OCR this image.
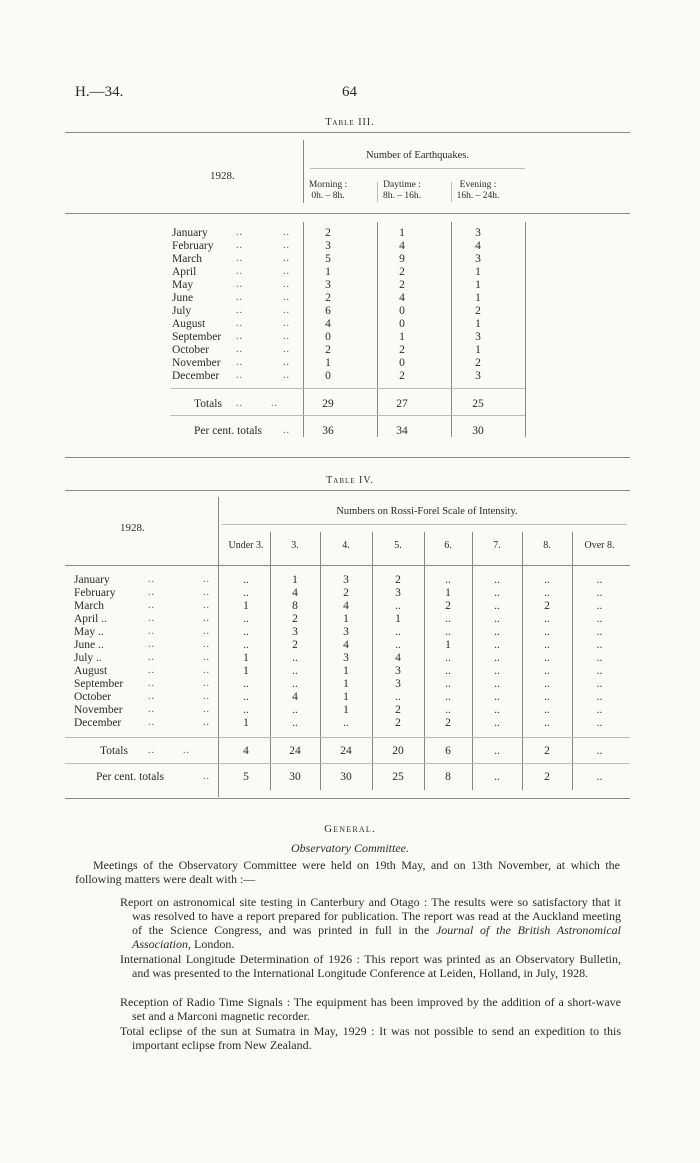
H.—34.	64
Table III.
1928.
Number of Earthquakes.
Morning :
0h. – 8h.
Daytime :
8h. – 16h.
Evening :
16h. – 24h.
January	..	..	2	1	3
February ..	..	3	4	4
March	..	..	5	9	3
April	..	..	1	2	1
May	..	..	3	2	1
June	..	..	2	4	1
July	..	..	6	0	2
August	..	..	4	0	1
September ..	..	0	1	3
October	..	..	2	2	1
November ..	..	1	0	2
December ..	..	0	2	3
Totals ..        ..	29	27	25
Per cent. totals ..	36	34	30
Table IV.
1928.
Numbers on Rossi-Forel Scale of Intensity.
Under 3.	3.	4.	5.	6.	7.	8.	Over 8.
January	..	..	..	1	3	2	..	..	..	..
February	..	..	..	4	2	3	1	..	..	..
March	..	..	1	8	4	..	2	..	2	..
April ..	..	..	..	2	1	1	..	..	..	..
May ..	..	..	..	3	3	..	..	..	..	..
June ..	..	..	..	2	4	..	1	..	..	..
July ..	..	..	1	..	3	4	..	..	..	..
August	..	..	1	..	1	3	..	..	..	..
September ..	..	..	..	1	3	..	..	..	..
October	..	..	..	4	1	..	..	..	..	..
November	..	..	..	..	1	2	..	..	..	..
December	..	..	1	..	..	2	2	..	..	..
Totals ..        ..	4	24	24	20	6	..	2	..
Per cent. totals	..	5	30	30	25	8	..	2	..
General.
Observatory Committee.
Meetings of the Observatory Committee were held on 19th May, and on 13th November, at which the following matters were dealt with :—
Report on astronomical site testing in Canterbury and Otago : The results were so satisfactory that it was resolved to have a report prepared for publication. The report was read at the Auckland meeting of the Science Congress, and was printed in full in the Journal of the British Astronomical Association, London.
International Longitude Determination of 1926 : This report was printed as an Observatory Bulletin, and was presented to the International Longitude Conference at Leiden, Holland, in July, 1928.
Reception of Radio Time Signals : The equipment has been improved by the addition of a short-wave set and a Marconi magnetic recorder.
Total eclipse of the sun at Sumatra in May, 1929 : It was not possible to send an expedition to this important eclipse from New Zealand.
